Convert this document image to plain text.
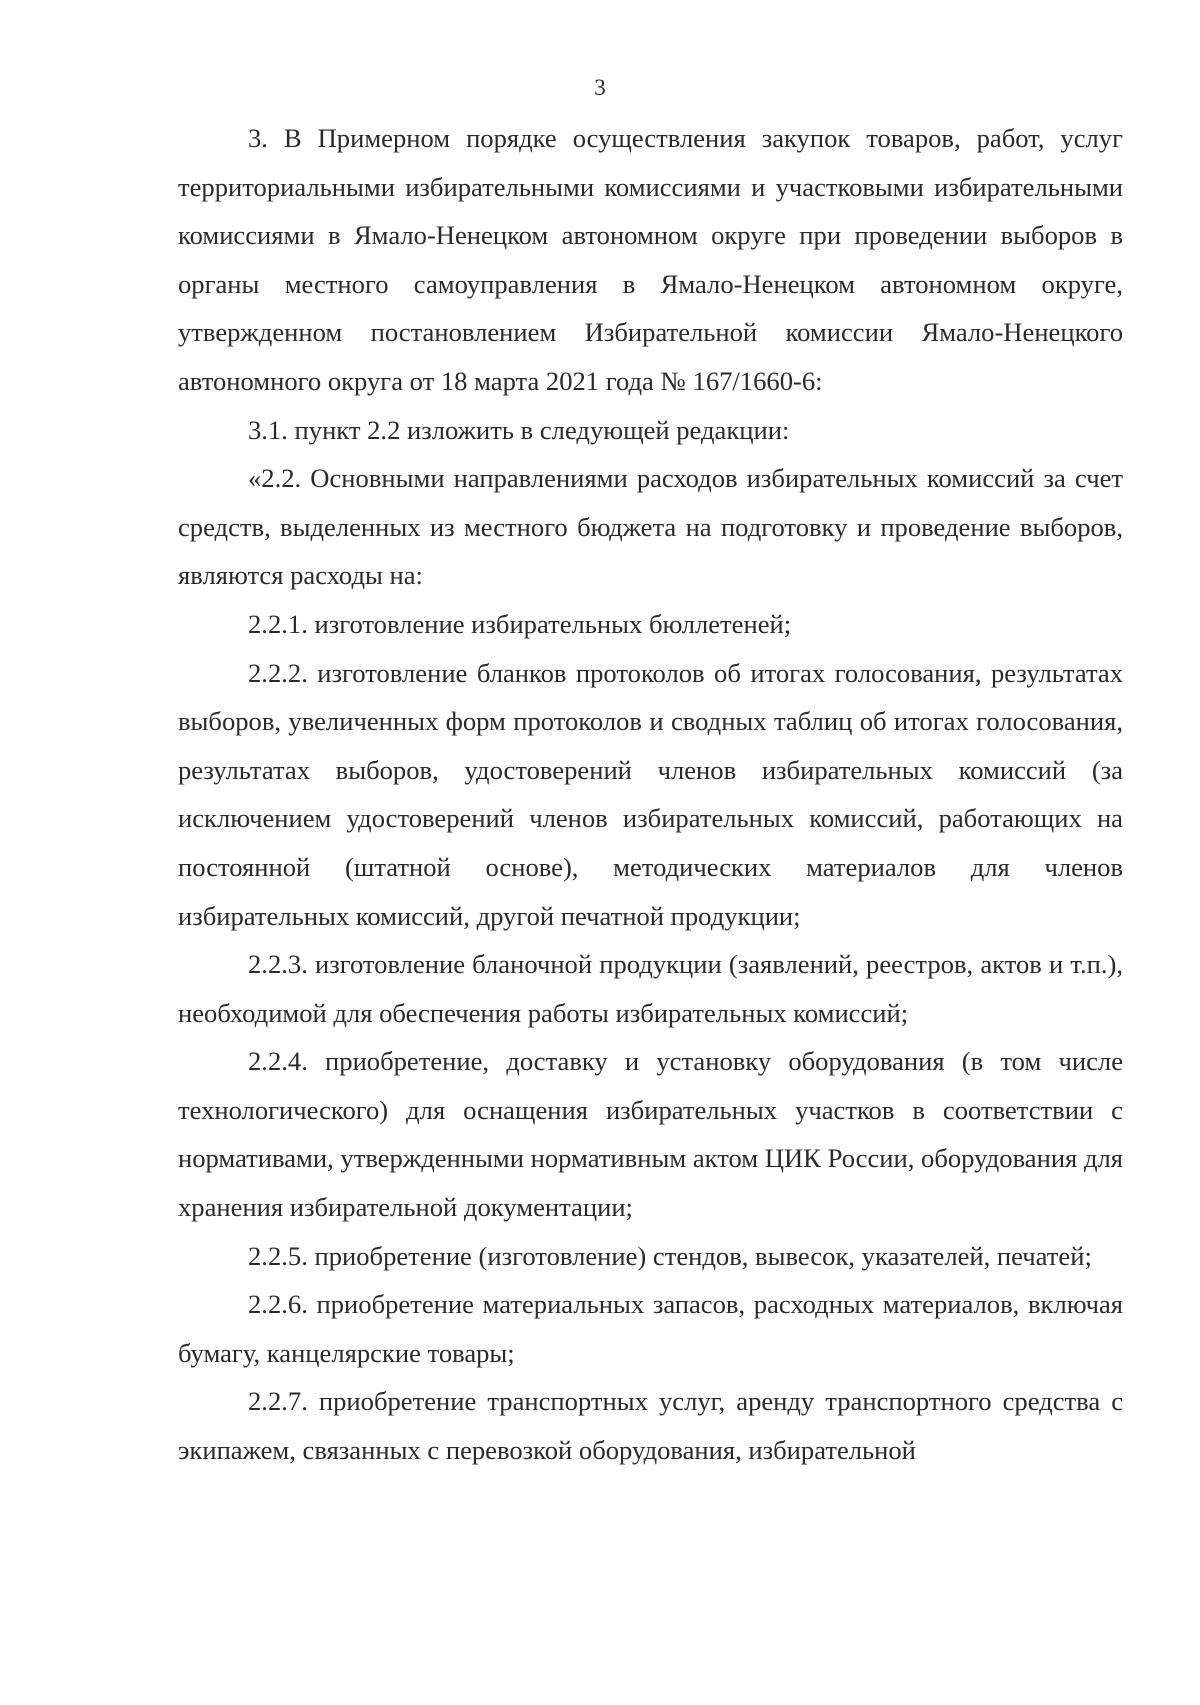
3

3. В Примерном порядке осуществления закупок товаров, работ, услуг территориальными избирательными комиссиями и участковыми избирательными комиссиями в Ямало-Ненецком автономном округе при проведении выборов в органы местного самоуправления в Ямало-Ненецком автономном округе, утвержденном постановлением Избирательной комиссии Ямало-Ненецкого автономного округа от 18 марта 2021 года № 167/1660-6:

3.1. пункт 2.2 изложить в следующей редакции:

«2.2. Основными направлениями расходов избирательных комиссий за счет средств, выделенных из местного бюджета на подготовку и проведение выборов, являются расходы на:

2.2.1. изготовление избирательных бюллетеней;

2.2.2. изготовление бланков протоколов об итогах голосования, результатах выборов, увеличенных форм протоколов и сводных таблиц об итогах голосования, результатах выборов, удостоверений членов избирательных комиссий (за исключением удостоверений членов избирательных комиссий, работающих на постоянной (штатной основе), методических материалов для членов избирательных комиссий, другой печатной продукции;

2.2.3. изготовление бланочной продукции (заявлений, реестров, актов и т.п.), необходимой для обеспечения работы избирательных комиссий;

2.2.4. приобретение, доставку и установку оборудования (в том числе технологического) для оснащения избирательных участков в соответствии с нормативами, утвержденными нормативным актом ЦИК России, оборудования для хранения избирательной документации;

2.2.5. приобретение (изготовление) стендов, вывесок, указателей, печатей;

2.2.6. приобретение материальных запасов, расходных материалов, включая бумагу, канцелярские товары;

2.2.7. приобретение транспортных услуг, аренду транспортного средства с экипажем, связанных с перевозкой оборудования, избирательной
